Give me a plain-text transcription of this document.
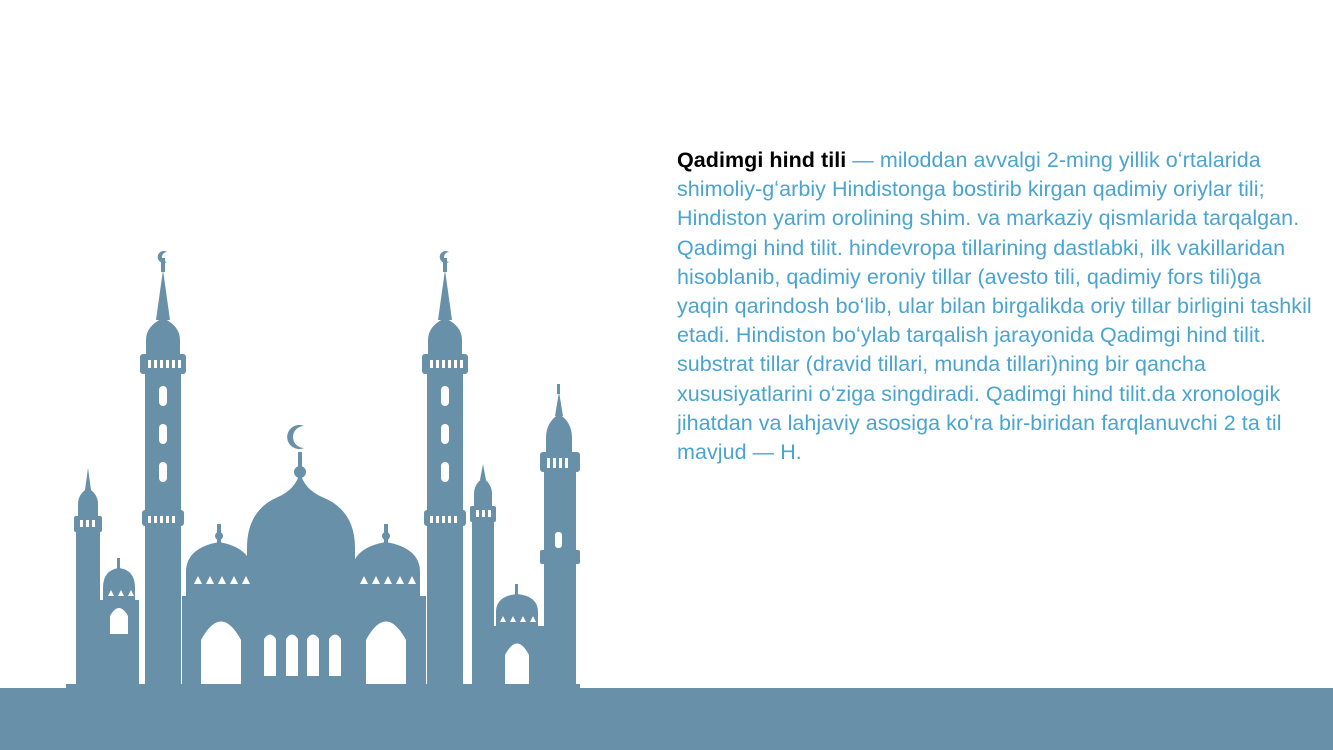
Qadimgi hind tili — miloddan avvalgi 2-ming yillik oʻrtalarida shimoliy-gʻarbiy Hindistonga bostirib kirgan qadimiy oriylar tili; Hindiston yarim orolining shim. va markaziy qismlarida tarqalgan. Qadimgi hind tilit. hindevropa tillarining dastlabki, ilk vakillaridan hisoblanib, qadimiy eroniy tillar (avesto tili, qadimiy fors tili)ga yaqin qarindosh boʻlib, ular bilan birgalikda oriy tillar birligini tashkil etadi. Hindiston boʻylab tarqalish jarayonida Qadimgi hind tilit. substrat tillar (dravid tillari, munda tillari)ning bir qancha xususiyatlarini oʻziga singdiradi. Qadimgi hind tilit.da xronologik jihatdan va lahjaviy asosiga koʻra bir-biridan farqlanuvchi 2 ta til mavjud — H.
